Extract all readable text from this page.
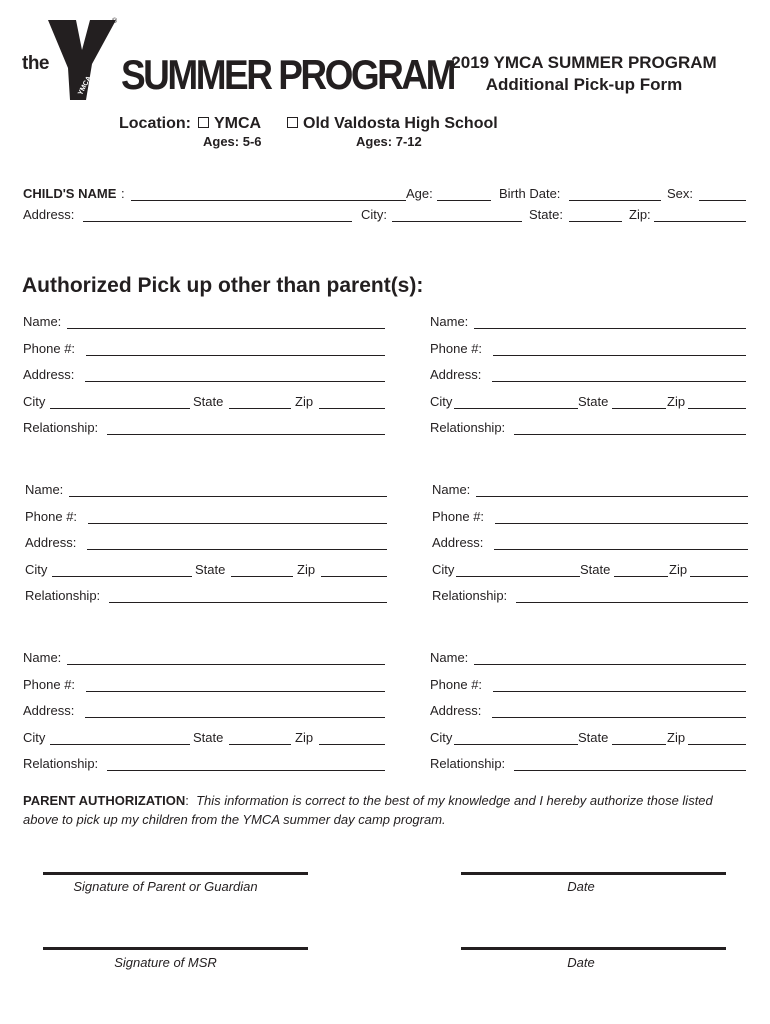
the
YMCA
®
SUMMER PROGRAM
2019 YMCA SUMMER PROGRAM
Additional Pick-up Form
Location:	YMCA
Ages: 5-6
Old Valdosta High School
Ages: 7-12
CHILD'S NAME :	Age:	Birth Date:	Sex:
Address:	City:	State:	Zip:
Authorized Pick up other than parent(s):
Name:
Phone #:
Address:
City	State	Zip
Relationship:
Name:
Phone #:
Address:
City	State	Zip
Relationship:
Name:
Phone #:
Address:
City	State	Zip
Relationship:
Name:
Phone #:
Address:
City	State	Zip
Relationship:
Name:
Phone #:
Address:
City	State	Zip
Relationship:
Name:
Phone #:
Address:
City	State	Zip
Relationship:
PARENT AUTHORIZATION: This information is correct to the best of my knowledge and I hereby authorize those listed above to pick up my children from the YMCA summer day camp program.
Signature of Parent or Guardian	Date
Signature of MSR	Date
